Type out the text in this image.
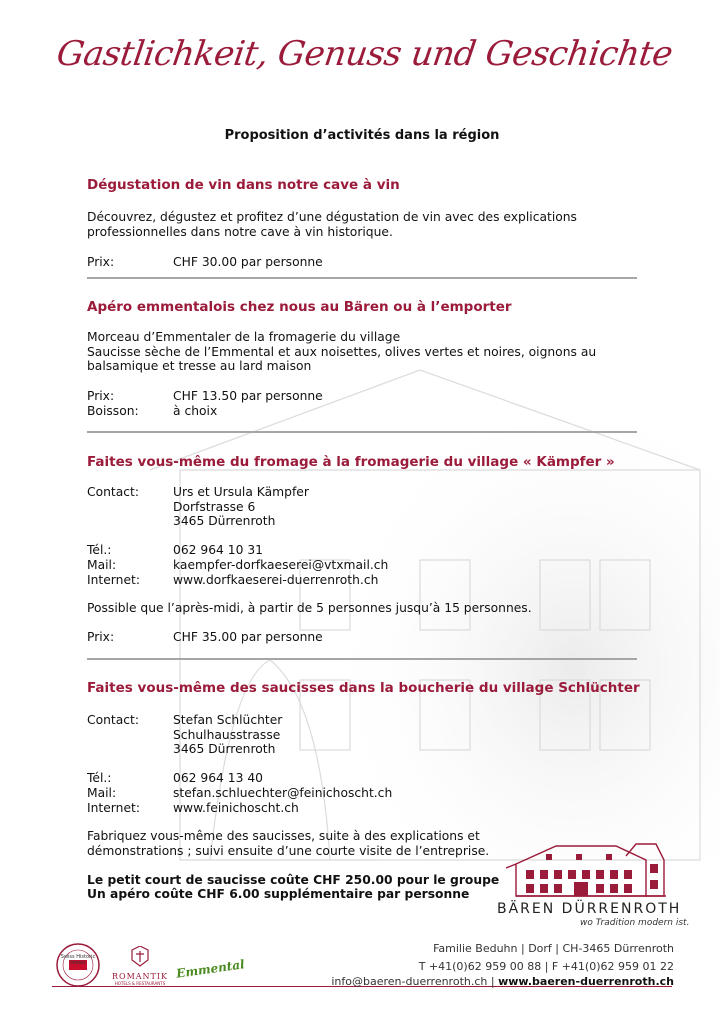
Gastlichkeit, Genuss und Geschichte
Proposition d’activités dans la région
Dégustation de vin dans notre cave à vin
Découvrez, dégustez et profitez d’une dégustation de vin avec des explications
professionnelles dans notre cave à vin historique.
Prix:	CHF 30.00 par personne
Apéro emmentalois chez nous au Bären ou à l’emporter
Morceau d’Emmentaler de la fromagerie du village
Saucisse sèche de l’Emmental et aux noisettes, olives vertes et noires, oignons au
balsamique et tresse au lard maison
Prix:	CHF 13.50 par personne
Boisson:	à choix
Faites vous-même du fromage à la fromagerie du village « Kämpfer »
Contact:	Urs et Ursula Kämpfer
Dorfstrasse 6
3465 Dürrenroth
Tél.:	062 964 10 31
Mail:	kaempfer-dorfkaeserei@vtxmail.ch
Internet:	www.dorfkaeserei-duerrenroth.ch
Possible que l’après-midi, à partir de 5 personnes jusqu’à 15 personnes.
Prix:	CHF 35.00 par personne
Faites vous-même des saucisses dans la boucherie du village Schlüchter
Contact:	Stefan Schlüchter
Schulhausstrasse
3465 Dürrenroth
Tél.:	062 964 13 40
Mail:	stefan.schluechter@feinichoscht.ch
Internet:	www.feinichoscht.ch
Fabriquez vous-même des saucisses, suite à des explications et
démonstrations ; suivi ensuite d’une courte visite de l’entreprise.
Le petit court de saucisse coûte CHF 250.00 pour le groupe
Un apéro coûte CHF 6.00 supplémentaire par personne
BÄREN DÜRRENROTH
wo Tradition modern ist.
Swiss Historic Hotels
ROMANTIK
HOTELS & RESTAURANTS
Emmental
Familie Beduhn | Dorf | CH-3465 Dürrenroth
T +41(0)62 959 00 88 | F +41(0)62 959 01 22
info@baeren-duerrenroth.ch | www.baeren-duerrenroth.ch
